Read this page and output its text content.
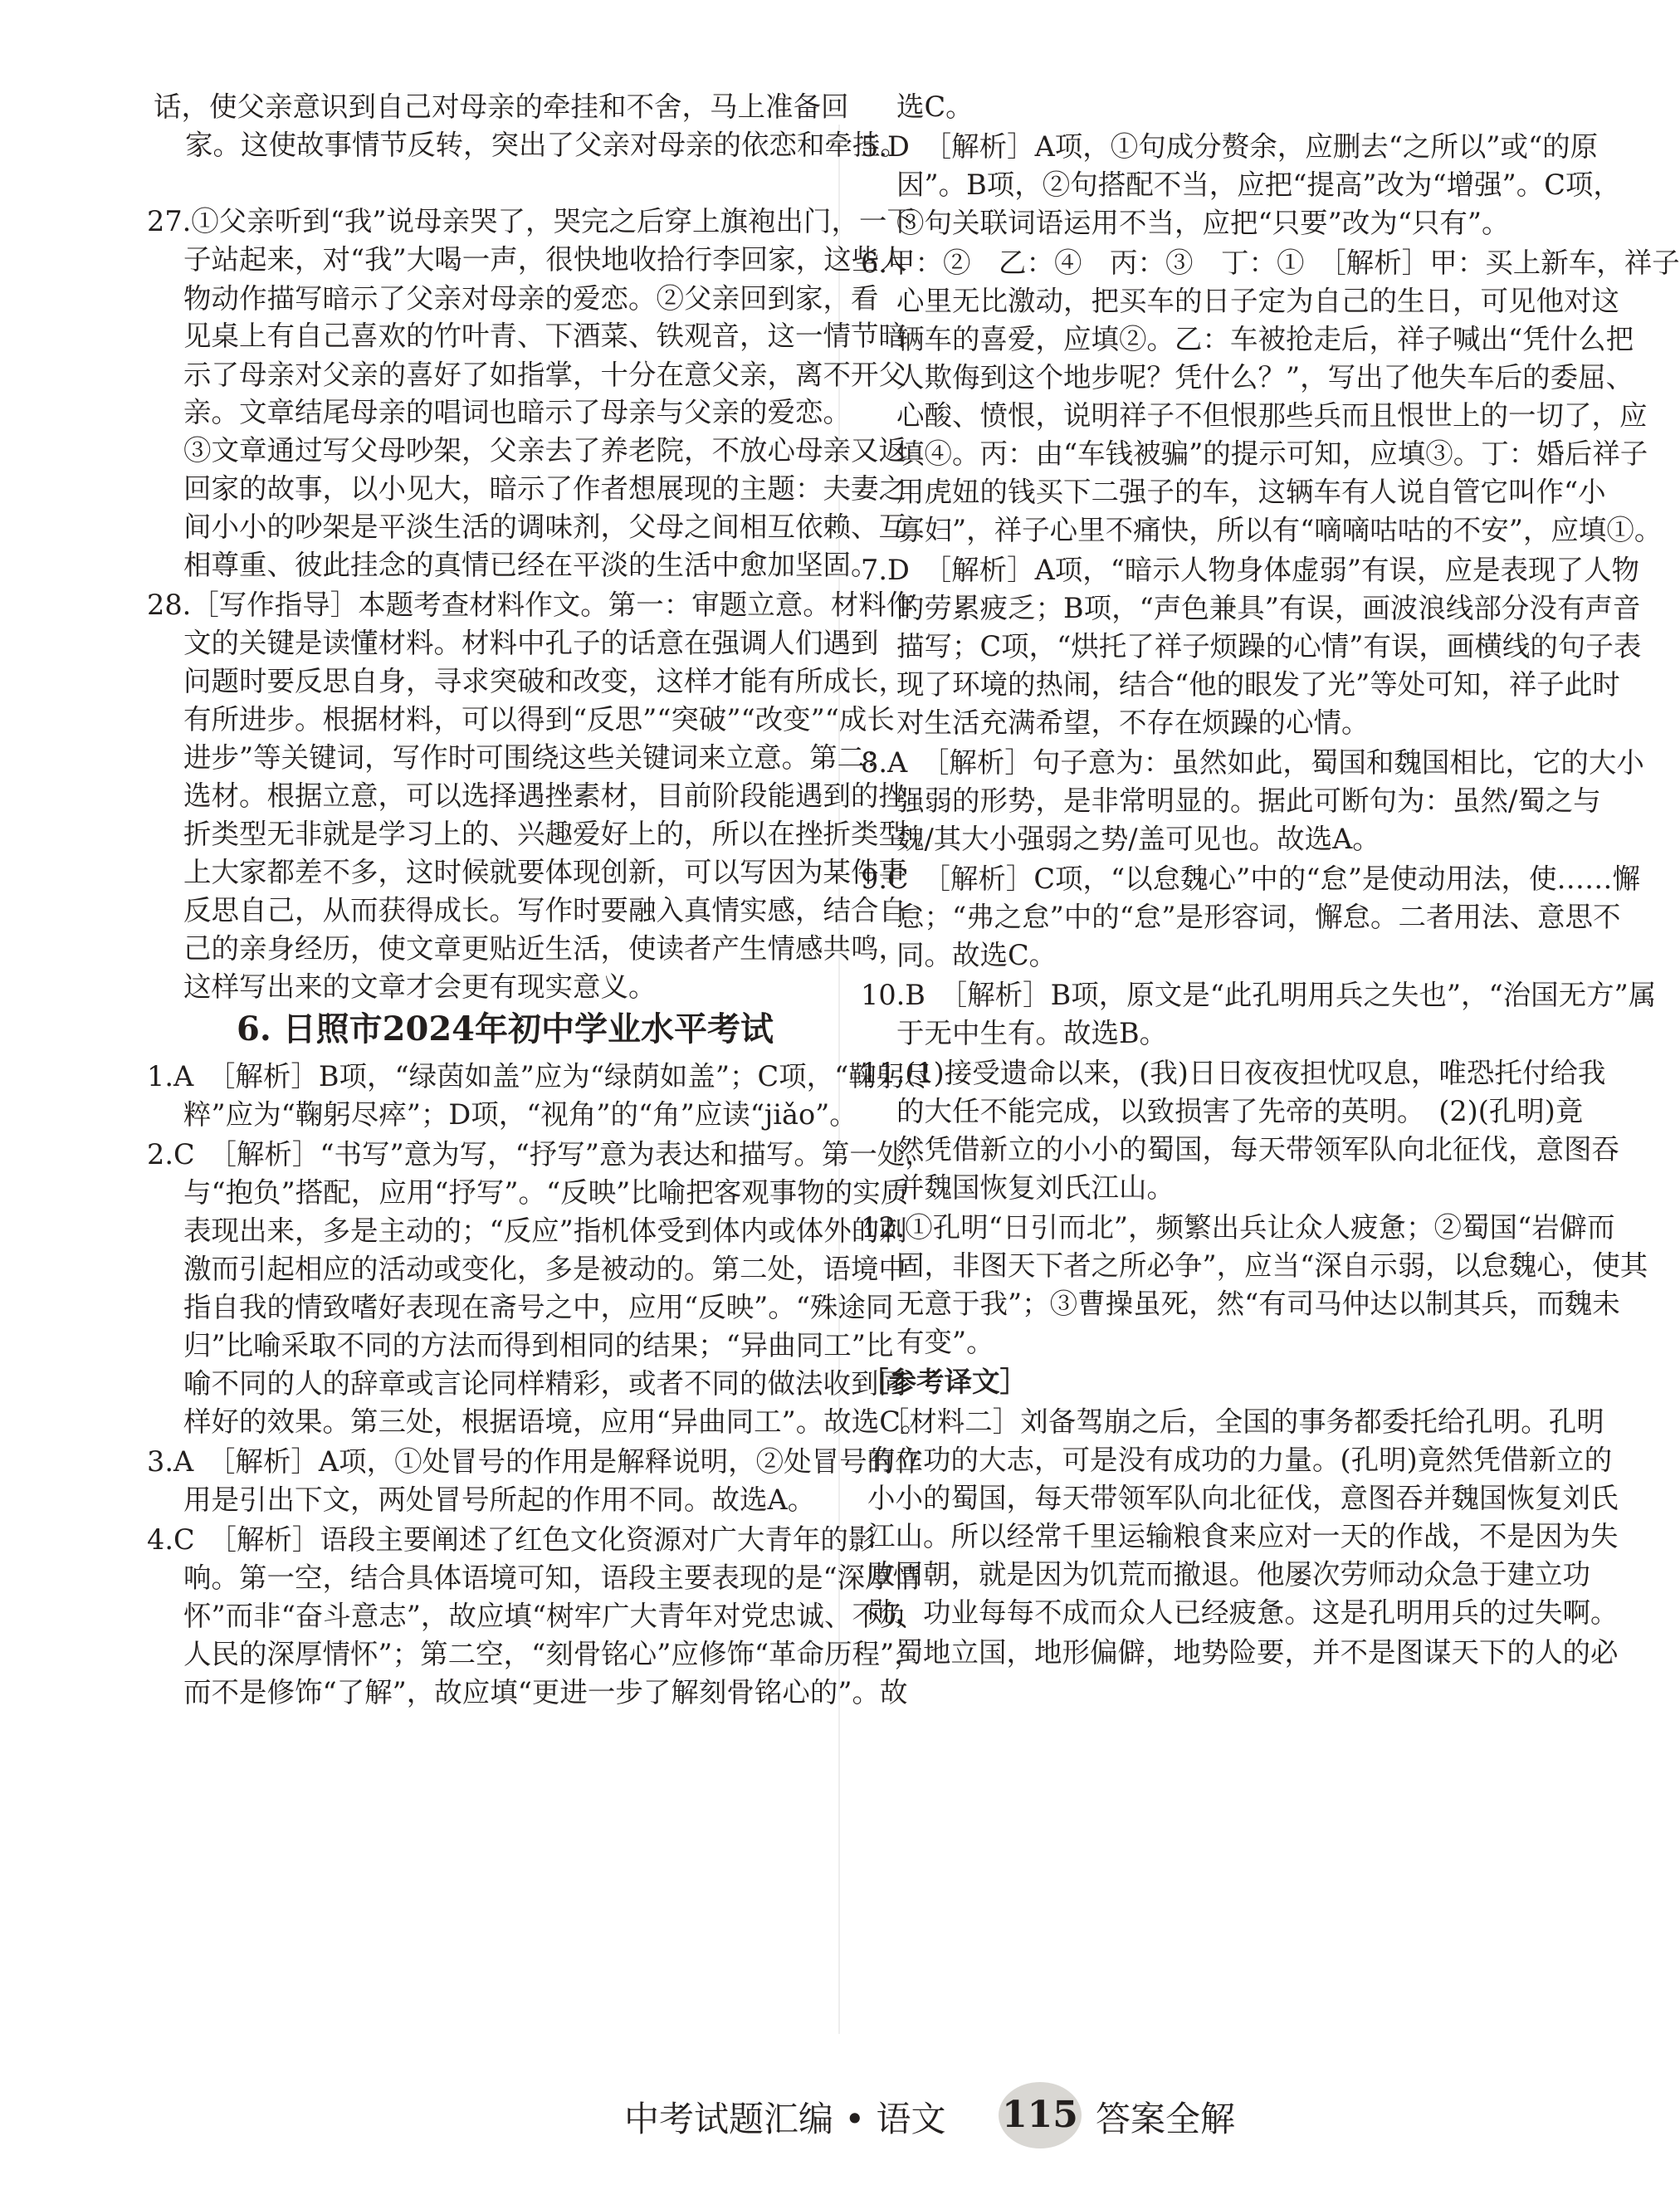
话，使父亲意识到自己对母亲的牵挂和不舍，马上准备回
家。这使故事情节反转，突出了父亲对母亲的依恋和牵挂。
27.①父亲听到“我”说母亲哭了，哭完之后穿上旗袍出门，一下
子站起来，对“我”大喝一声，很快地收拾行李回家，这些人
物动作描写暗示了父亲对母亲的爱恋。②父亲回到家，看
见桌上有自己喜欢的竹叶青、下酒菜、铁观音，这一情节暗
示了母亲对父亲的喜好了如指掌，十分在意父亲，离不开父
亲。文章结尾母亲的唱词也暗示了母亲与父亲的爱恋。
③文章通过写父母吵架，父亲去了养老院，不放心母亲又返
回家的故事，以小见大，暗示了作者想展现的主题：夫妻之
间小小的吵架是平淡生活的调味剂，父母之间相互依赖、互
相尊重、彼此挂念的真情已经在平淡的生活中愈加坚固。
28.［写作指导］本题考查材料作文。第一：审题立意。材料作
文的关键是读懂材料。材料中孔子的话意在强调人们遇到
问题时要反思自身，寻求突破和改变，这样才能有所成长，
有所进步。根据材料，可以得到“反思”“突破”“改变”“成长
进步”等关键词，写作时可围绕这些关键词来立意。第二：
选材。根据立意，可以选择遇挫素材，目前阶段能遇到的挫
折类型无非就是学习上的、兴趣爱好上的，所以在挫折类型
上大家都差不多，这时候就要体现创新，可以写因为某件事
反思自己，从而获得成长。写作时要融入真情实感，结合自
己的亲身经历，使文章更贴近生活，使读者产生情感共鸣，
这样写出来的文章才会更有现实意义。
6. 日照市2024年初中学业水平考试
1.A　［解析］B项，“绿茵如盖”应为“绿荫如盖”；C项，“鞠躬尽
粹”应为“鞠躬尽瘁”；D项，“视角”的“角”应读“jiǎo”。
2.C　［解析］“书写”意为写，“抒写”意为表达和描写。第一处，
与“抱负”搭配，应用“抒写”。“反映”比喻把客观事物的实质
表现出来，多是主动的；“反应”指机体受到体内或体外的刺
激而引起相应的活动或变化，多是被动的。第二处，语境中
指自我的情致嗜好表现在斋号之中，应用“反映”。“殊途同
归”比喻采取不同的方法而得到相同的结果；“异曲同工”比
喻不同的人的辞章或言论同样精彩，或者不同的做法收到同
样好的效果。第三处，根据语境，应用“异曲同工”。故选C。
3.A　［解析］A项，①处冒号的作用是解释说明，②处冒号的作
用是引出下文，两处冒号所起的作用不同。故选A。
4.C　［解析］语段主要阐述了红色文化资源对广大青年的影
响。第一空，结合具体语境可知，语段主要表现的是“深厚情
怀”而非“奋斗意志”，故应填“树牢广大青年对党忠诚、不负
人民的深厚情怀”；第二空，“刻骨铭心”应修饰“革命历程”，
而不是修饰“了解”，故应填“更进一步了解刻骨铭心的”。故
选C。
5.D　［解析］A项，①句成分赘余，应删去“之所以”或“的原
因”。B项，②句搭配不当，应把“提高”改为“增强”。C项，
③句关联词语运用不当，应把“只要”改为“只有”。
6.甲：②　乙：④　丙：③　丁：①　［解析］甲：买上新车，祥子
心里无比激动，把买车的日子定为自己的生日，可见他对这
辆车的喜爱，应填②。乙：车被抢走后，祥子喊出“凭什么把
人欺侮到这个地步呢？凭什么？”，写出了他失车后的委屈、
心酸、愤恨，说明祥子不但恨那些兵而且恨世上的一切了，应
填④。丙：由“车钱被骗”的提示可知，应填③。丁：婚后祥子
用虎妞的钱买下二强子的车，这辆车有人说自管它叫作“小
寡妇”，祥子心里不痛快，所以有“嘀嘀咕咕的不安”，应填①。
7.D　［解析］A项，“暗示人物身体虚弱”有误，应是表现了人物
的劳累疲乏；B项，“声色兼具”有误，画波浪线部分没有声音
描写；C项，“烘托了祥子烦躁的心情”有误，画横线的句子表
现了环境的热闹，结合“他的眼发了光”等处可知，祥子此时
对生活充满希望，不存在烦躁的心情。
8.A　［解析］句子意为：虽然如此，蜀国和魏国相比，它的大小
强弱的形势，是非常明显的。据此可断句为：虽然/蜀之与
魏/其大小强弱之势/盖可见也。故选A。
9.C　［解析］C项，“以怠魏心”中的“怠”是使动用法，使……懈
怠；“弗之怠”中的“怠”是形容词，懈怠。二者用法、意思不
同。故选C。
10.B　［解析］B项，原文是“此孔明用兵之失也”，“治国无方”属
于无中生有。故选B。
11.(1)接受遗命以来，(我)日日夜夜担忧叹息，唯恐托付给我
的大任不能完成，以致损害了先帝的英明。　(2)(孔明)竟
然凭借新立的小小的蜀国，每天带领军队向北征伐，意图吞
并魏国恢复刘氏江山。
12.①孔明“日引而北”，频繁出兵让众人疲惫；②蜀国“岩僻而
固，非图天下者之所必争”，应当“深自示弱，以怠魏心，使其
无意于我”；③曹操虽死，然“有司马仲达以制其兵，而魏未
有变”。
［参考译文］
　［材料二］刘备驾崩之后，全国的事务都委托给孔明。孔明
有立功的大志，可是没有成功的力量。(孔明)竟然凭借新立的
小小的蜀国，每天带领军队向北征伐，意图吞并魏国恢复刘氏
江山。所以经常千里运输粮食来应对一天的作战，不是因为失
败回朝，就是因为饥荒而撤退。他屡次劳师动众急于建立功
勋，功业每每不成而众人已经疲惫。这是孔明用兵的过失啊。
　蜀地立国，地形偏僻，地势险要，并不是图谋天下的人的必
中考试题汇编 • 语文 115 答案全解
